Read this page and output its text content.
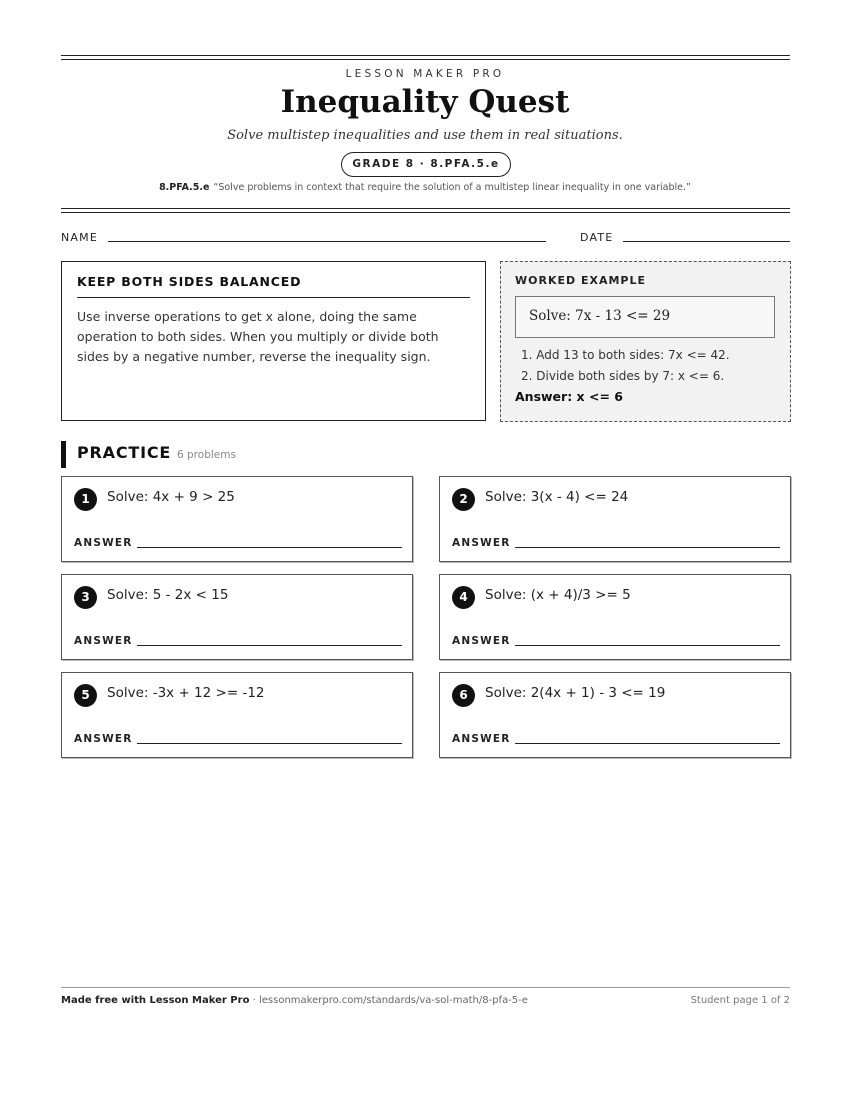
LESSON MAKER PRO
Inequality Quest
Solve multistep inequalities and use them in real situations.
GRADE 8 · 8.PFA.5.e
8.PFA.5.e “Solve problems in context that require the solution of a multistep linear inequality in one variable.”
NAME	DATE
KEEP BOTH SIDES BALANCED

Use inverse operations to get x alone, doing the same operation to both sides. When you multiply or divide both sides by a negative number, reverse the inequality sign.

WORKED EXAMPLE
Solve: 7x - 13 <= 29
1. Add 13 to both sides: 7x <= 42.
2. Divide both sides by 7: x <= 6.
Answer: x <= 6
PRACTICE 6 problems
1	Solve: 4x + 9 > 25
ANSWER
2	Solve: 3(x - 4) <= 24
ANSWER
3	Solve: 5 - 2x < 15
ANSWER
4	Solve: (x + 4)/3 >= 5
ANSWER
5	Solve: -3x + 12 >= -12
ANSWER
6	Solve: 2(4x + 1) - 3 <= 19
ANSWER
Made free with Lesson Maker Pro · lessonmakerpro.com/standards/va-sol-math/8-pfa-5-e	Student page 1 of 2
